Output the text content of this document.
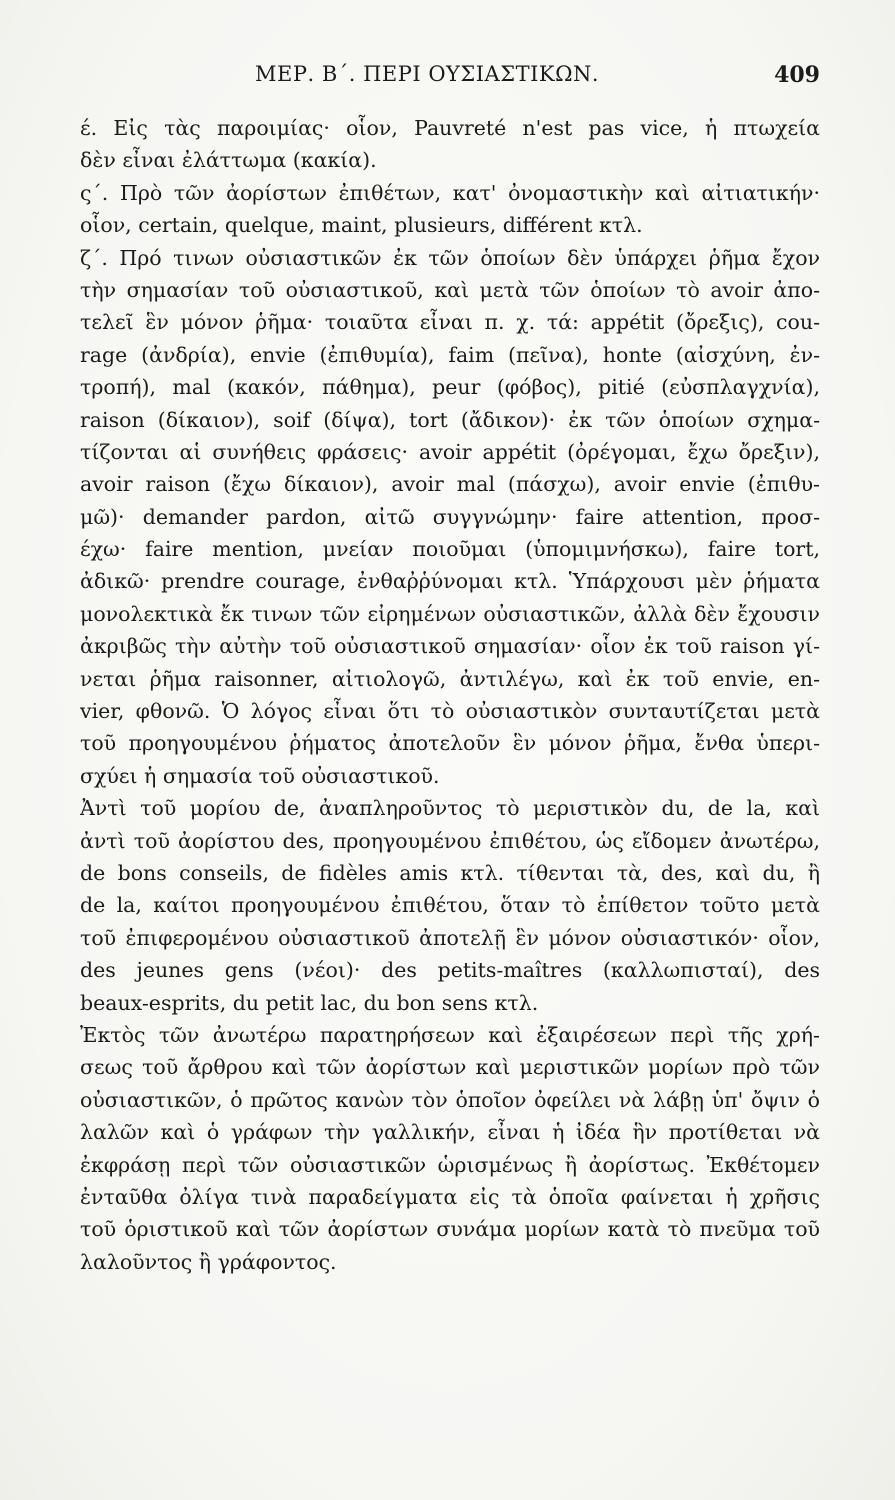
ΜΕΡ. Β΄. ΠΕΡΙ ΟΥΣΙΑΣΤΙΚΩΝ.	409
έ. Εἰς τὰς παροιμίας· οἷον, Pauvreté n'est pas vice, ἡ πτωχεία
δὲν εἶναι ἐλάττωμα (κακία).
ς΄. Πρὸ τῶν ἀορίστων ἐπιθέτων, κατ' ὀνομαστικὴν καὶ αἰτιατικήν·
οἷον, certain, quelque, maint, plusieurs, différent κτλ.
ζ΄. Πρό τινων οὐσιαστικῶν ἐκ τῶν ὁποίων δὲν ὑπάρχει ῥῆμα ἔχον
τὴν σημασίαν τοῦ οὐσιαστικοῦ, καὶ μετὰ τῶν ὁποίων τὸ avoir ἀπο-
τελεῖ ἓν μόνον ῥῆμα· τοιαῦτα εἶναι π. χ. τά: appétit (ὄρεξις), cou-
rage (ἀνδρία), envie (ἐπιθυμία), faim (πεῖνα), honte (αἰσχύνη, ἐν-
τροπή), mal (κακόν, πάθημα), peur (φόβος), pitié (εὐσπλαγχνία),
raison (δίκαιον), soif (δίψα), tort (ἄδικον)· ἐκ τῶν ὁποίων σχημα-
τίζονται αἱ συνήθεις φράσεις· avoir appétit (ὀρέγομαι, ἔχω ὄρεξιν),
avoir raison (ἔχω δίκαιον), avoir mal (πάσχω), avoir envie (ἐπιθυ-
μῶ)· demander pardon, αἰτῶ συγγνώμην· faire attention, προσ-
έχω· faire mention, μνείαν ποιοῦμαι (ὑπομιμνήσκω), faire tort,
ἀδικῶ· prendre courage, ἐνθαῤῥύνομαι κτλ. Ὑπάρχουσι μὲν ῥήματα
μονολεκτικὰ ἔκ τινων τῶν εἰρημένων οὐσιαστικῶν, ἀλλὰ δὲν ἔχουσιν
ἀκριβῶς τὴν αὐτὴν τοῦ οὐσιαστικοῦ σημασίαν· οἷον ἐκ τοῦ raison γί-
νεται ῥῆμα raisonner, αἰτιολογῶ, ἀντιλέγω, καὶ ἐκ τοῦ envie, en-
vier, φθονῶ. Ὁ λόγος εἶναι ὅτι τὸ οὐσιαστικὸν συνταυτίζεται μετὰ
τοῦ προηγουμένου ῥήματος ἀποτελοῦν ἓν μόνον ῥῆμα, ἔνθα ὑπερι-
σχύει ἡ σημασία τοῦ οὐσιαστικοῦ.
Ἀντὶ τοῦ μορίου de, ἀναπληροῦντος τὸ μεριστικὸν du, de la, καὶ
ἀντὶ τοῦ ἀορίστου des, προηγουμένου ἐπιθέτου, ὡς εἴδομεν ἀνωτέρω,
de bons conseils, de fidèles amis κτλ. τίθενται τὰ, des, καὶ du, ἢ
de la, καίτοι προηγουμένου ἐπιθέτου, ὅταν τὸ ἐπίθετον τοῦτο μετὰ
τοῦ ἐπιφερομένου οὐσιαστικοῦ ἀποτελῇ ἓν μόνον οὐσιαστικόν· οἷον,
des jeunes gens (νέοι)· des petits-maîtres (καλλωπισταί), des
beaux-esprits, du petit lac, du bon sens κτλ.
Ἐκτὸς τῶν ἀνωτέρω παρατηρήσεων καὶ ἐξαιρέσεων περὶ τῆς χρή-
σεως τοῦ ἄρθρου καὶ τῶν ἀορίστων καὶ μεριστικῶν μορίων πρὸ τῶν
οὐσιαστικῶν, ὁ πρῶτος κανὼν τὸν ὁποῖον ὀφείλει νὰ λάβῃ ὑπ' ὄψιν ὁ
λαλῶν καὶ ὁ γράφων τὴν γαλλικήν, εἶναι ἡ ἰδέα ἣν προτίθεται νὰ
ἐκφράσῃ περὶ τῶν οὐσιαστικῶν ὡρισμένως ἢ ἀορίστως. Ἐκθέτομεν
ἐνταῦθα ὀλίγα τινὰ παραδείγματα εἰς τὰ ὁποῖα φαίνεται ἡ χρῆσις
τοῦ ὁριστικοῦ καὶ τῶν ἀορίστων συνάμα μορίων κατὰ τὸ πνεῦμα τοῦ
λαλοῦντος ἢ γράφοντος.
